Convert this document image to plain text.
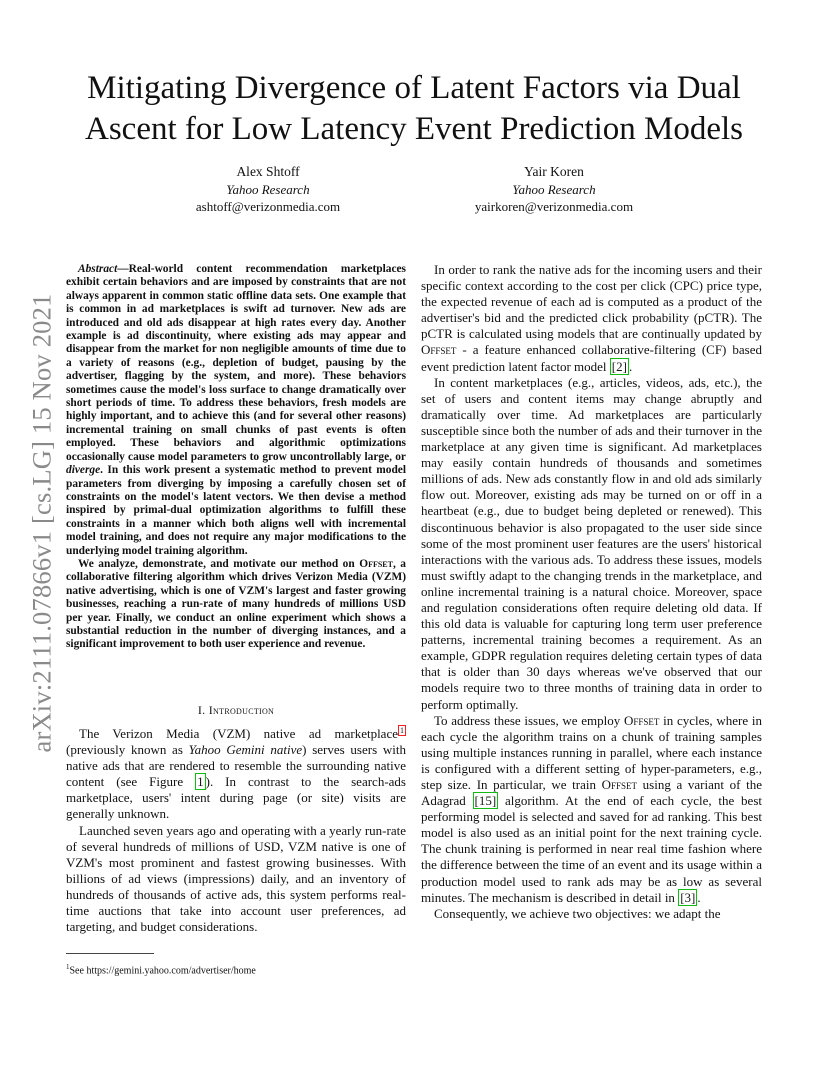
arXiv:2111.07866v1 [cs.LG] 15 Nov 2021
Mitigating Divergence of Latent Factors via Dual
Ascent for Low Latency Event Prediction Models
Alex Shtoff
Yahoo Research
ashtoff@verizonmedia.com
Yair Koren
Yahoo Research
yairkoren@verizonmedia.com

Abstract—Real-world content recommendation marketplaces exhibit certain behaviors and are imposed by constraints that are not always apparent in common static offline data sets. One example that is common in ad marketplaces is swift ad turnover. New ads are introduced and old ads disappear at high rates every day. Another example is ad discontinuity, where existing ads may appear and disappear from the market for non negligible amounts of time due to a variety of reasons (e.g., depletion of budget, pausing by the advertiser, flagging by the system, and more). These behaviors sometimes cause the model's loss surface to change dramatically over short periods of time. To address these behaviors, fresh models are highly important, and to achieve this (and for several other reasons) incremental training on small chunks of past events is often employed. These behaviors and algorithmic optimizations occasionally cause model parameters to grow uncontrollably large, or diverge. In this work present a systematic method to prevent model parameters from diverging by imposing a carefully chosen set of constraints on the model's latent vectors. We then devise a method inspired by primal-dual optimization algorithms to fulfill these constraints in a manner which both aligns well with incremental model training, and does not require any major modifications to the underlying model training algorithm.

We analyze, demonstrate, and motivate our method on Offset, a collaborative filtering algorithm which drives Verizon Media (VZM) native advertising, which is one of VZM's largest and faster growing businesses, reaching a run-rate of many hundreds of millions USD per year. Finally, we conduct an online experiment which shows a substantial reduction in the number of diverging instances, and a significant improvement to both user experience and revenue.

I. Introduction

The Verizon Media (VZM) native ad marketplace $^1$ (previously known as Yahoo Gemini native) serves users with native ads that are rendered to resemble the surrounding native content (see Figure 1 ). In contrast to the search-ads marketplace, users' intent during page (or site) visits are generally unknown.

Launched seven years ago and operating with a yearly run-rate of several hundreds of millions of USD, VZM native is one of VZM's most prominent and fastest growing businesses. With billions of ad views (impressions) daily, and an inventory of hundreds of thousands of active ads, this system performs real-time auctions that take into account user preferences, ad targeting, and budget considerations.

$^1$See https://gemini.yahoo.com/advertiser/home

In order to rank the native ads for the incoming users and their specific context according to the cost per click (CPC) price type, the expected revenue of each ad is computed as a product of the advertiser's bid and the predicted click probability (pCTR). The pCTR is calculated using models that are continually updated by Offset - a feature enhanced collaborative-filtering (CF) based event prediction latent factor model [2] .

In content marketplaces (e.g., articles, videos, ads, etc.), the set of users and content items may change abruptly and dramatically over time. Ad marketplaces are particularly susceptible since both the number of ads and their turnover in the marketplace at any given time is significant. Ad marketplaces may easily contain hundreds of thousands and sometimes millions of ads. New ads constantly flow in and old ads similarly flow out. Moreover, existing ads may be turned on or off in a heartbeat (e.g., due to budget being depleted or renewed). This discontinuous behavior is also propagated to the user side since some of the most prominent user features are the users' historical interactions with the various ads. To address these issues, models must swiftly adapt to the changing trends in the marketplace, and online incremental training is a natural choice. Moreover, space and regulation considerations often require deleting old data. If this old data is valuable for capturing long term user preference patterns, incremental training becomes a requirement. As an example, GDPR regulation requires deleting certain types of data that is older than 30 days whereas we've observed that our models require two to three months of training data in order to perform optimally.

To address these issues, we employ Offset in cycles, where in each cycle the algorithm trains on a chunk of training samples using multiple instances running in parallel, where each instance is configured with a different setting of hyper-parameters, e.g., step size. In particular, we train Offset using a variant of the Adagrad [15] algorithm. At the end of each cycle, the best performing model is selected and saved for ad ranking. This best model is also used as an initial point for the next training cycle. The chunk training is performed in near real time fashion where the difference between the time of an event and its usage within a production model used to rank ads may be as low as several minutes. The mechanism is described in detail in [3] .

Consequently, we achieve two objectives: we adapt the
